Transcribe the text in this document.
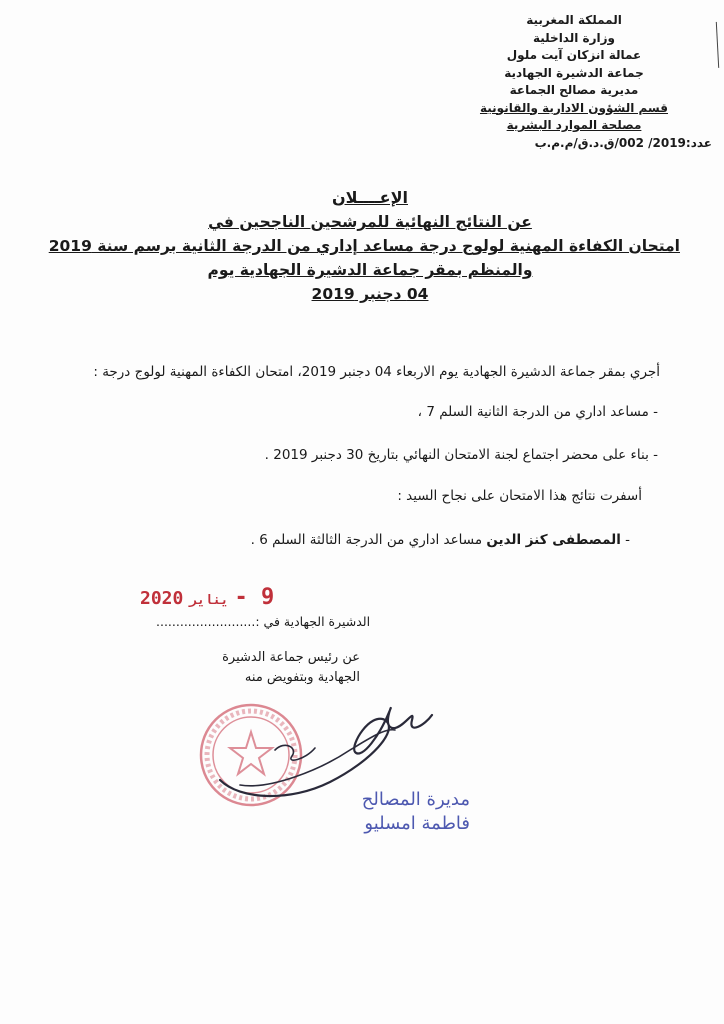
المملكة المغربية
وزارة الداخلية
عمالة انزكان آيت ملول
جماعة الدشيرة الجهادية
مديرية مصالح الجماعة
قسم الشؤون الادارية والقانونية
مصلحة الموارد البشرية
عدد:2019/ 002/ق.د.ق/م.م.ب
الإعــــلان
عن النتائج النهائية للمرشحين الناجحين في
امتحان الكفاءة المهنية لولوج درجة مساعد إداري من الدرجة الثانية برسم سنة 2019
والمنظم بمقر جماعة الدشيرة الجهادية يوم
04 دجنبر 2019
أجري بمقر جماعة الدشيرة الجهادية يوم الاربعاء 04 دجنبر 2019، امتحان الكفاءة المهنية لولوج درجة :
- مساعد اداري من الدرجة الثانية السلم 7 ،
- بناء على محضر اجتماع لجنة الامتحان النهائي بتاريخ 30 دجنبر 2019 .
أسفرت نتائج هذا الامتحان على نجاح السيد :
- المصطفى كنز الدين مساعد اداري من الدرجة الثالثة السلم 6 .
9 -يناير2020
الدشيرة الجهادية في :.........................
عن رئيس جماعة الدشيرة
الجهادية وبتفويض منه
مديرة المصالح
فاطمة امسليو
